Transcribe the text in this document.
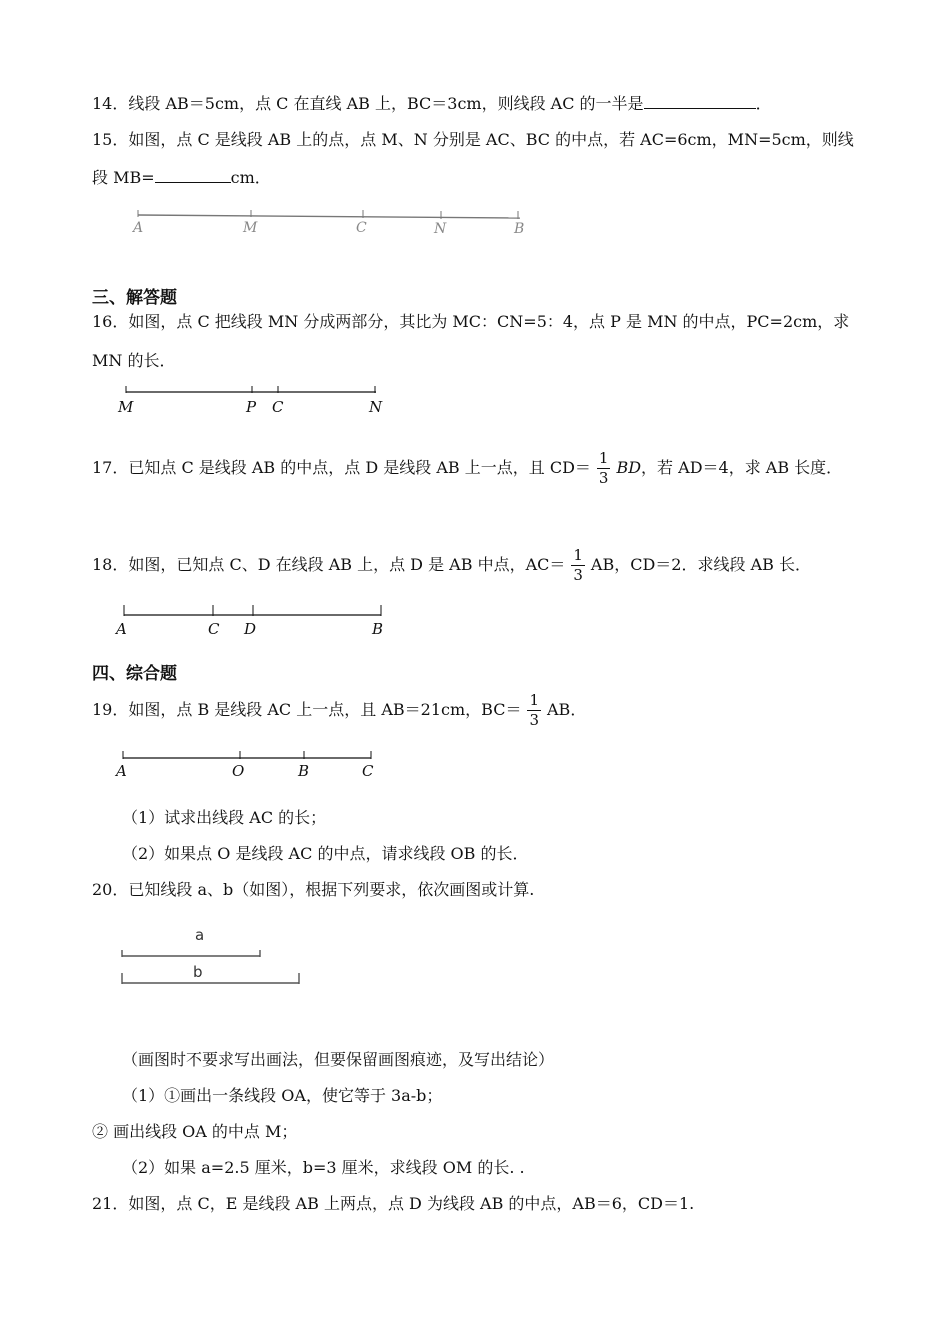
14．线段 AB＝5cm，点 C 在直线 AB 上，BC＝3cm，则线段 AC 的一半是	．
15．如图，点 C 是线段 AB 上的点，点 M、N 分别是 AC、BC 的中点，若 AC=6cm，MN=5cm，则线
段 MB=	cm．
A	M	C	N	B
三、解答题
16．如图，点 C 把线段 MN 分成两部分，其比为 MC：CN=5：4，点 P 是 MN 的中点，PC=2cm，求
MN 的长．
M	P C	N
17．已知点 C 是线段 AB 的中点，点 D 是线段 AB 上一点，且 $CD= \frac{1}{3}$ BD，若 AD＝4，求 AB 长度．
18．如图，已知点 C、D 在线段 AB 上，点 D 是 AB 中点，$AC= \frac{1}{3}$ AB，CD＝2．求线段 AB 长．
A	C D	B
四、综合题
19．如图，点 B 是线段 AC 上一点，且 AB＝21cm，$BC= \frac{1}{3}$ AB．
A	O	B	C
（1）试求出线段 AC 的长；
（2）如果点 O 是线段 AC 的中点，请求线段 OB 的长．
20．已知线段 a、b（如图），根据下列要求，依次画图或计算.
a
b
（画图时不要求写出画法，但要保留画图痕迹，及写出结论）
（1）①画出一条线段 OA，使它等于 3a-b；
② 画出线段 OA 的中点 M；
（2）如果 a=2.5 厘米，b=3 厘米，求线段 OM 的长. .
21．如图，点 C，E 是线段 AB 上两点，点 D 为线段 AB 的中点，AB＝6，CD＝1.
